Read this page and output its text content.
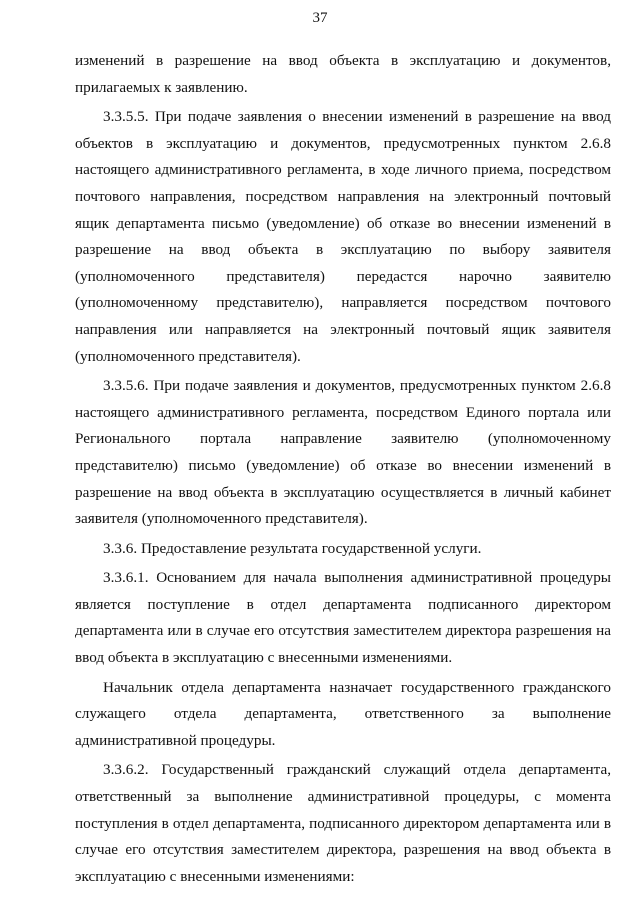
37

изменений в разрешение на ввод объекта в эксплуатацию и документов, прилагаемых к заявлению.

3.3.5.5. При подаче заявления о внесении изменений в разрешение на ввод объектов в эксплуатацию и документов, предусмотренных пунктом 2.6.8 настоящего административного регламента, в ходе личного приема, посредством почтового направления, посредством направления на электронный почтовый ящик департамента письмо (уведомление) об отказе во внесении изменений в разрешение на ввод объекта в эксплуатацию по выбору заявителя (уполномоченного представителя) передастся нарочно заявителю (уполномоченному представителю), направляется посредством почтового направления или направляется на электронный почтовый ящик заявителя (уполномоченного представителя).

3.3.5.6. При подаче заявления и документов, предусмотренных пунктом 2.6.8 настоящего административного регламента, посредством Единого портала или Регионального портала направление заявителю (уполномоченному представителю) письмо (уведомление) об отказе во внесении изменений в разрешение на ввод объекта в эксплуатацию осуществляется в личный кабинет заявителя (уполномоченного представителя).

3.3.6. Предоставление результата государственной услуги.

3.3.6.1. Основанием для начала выполнения административной процедуры является поступление в отдел департамента подписанного директором департамента или в случае его отсутствия заместителем директора разрешения на ввод объекта в эксплуатацию с внесенными изменениями.

Начальник отдела департамента назначает государственного гражданского служащего отдела департамента, ответственного за выполнение административной процедуры.

3.3.6.2. Государственный гражданский служащий отдела департамента, ответственный за выполнение административной процедуры, с момента поступления в отдел департамента, подписанного директором департамента или в случае его отсутствия заместителем директора, разрешения на ввод объекта в эксплуатацию с внесенными изменениями:
